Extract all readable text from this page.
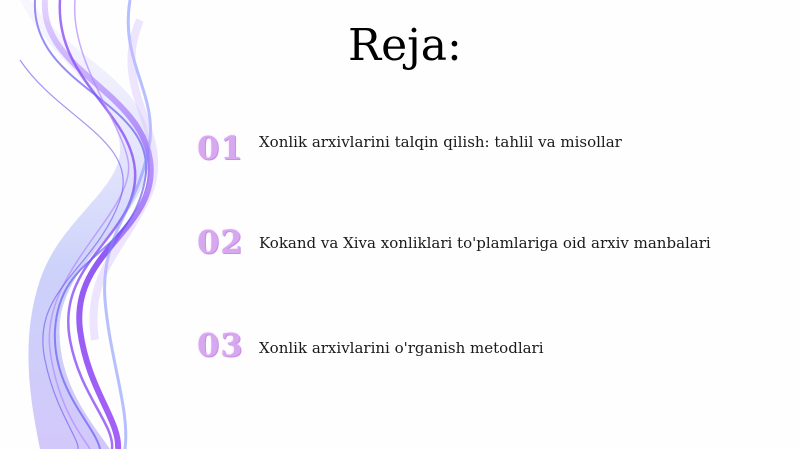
Reja:
01 Xonlik arxivlarini talqin qilish: tahlil va misollar
02 Kokand va Xiva xonliklari to'plamlariga oid arxiv manbalari
03 Xonlik arxivlarini o'rganish metodlari
